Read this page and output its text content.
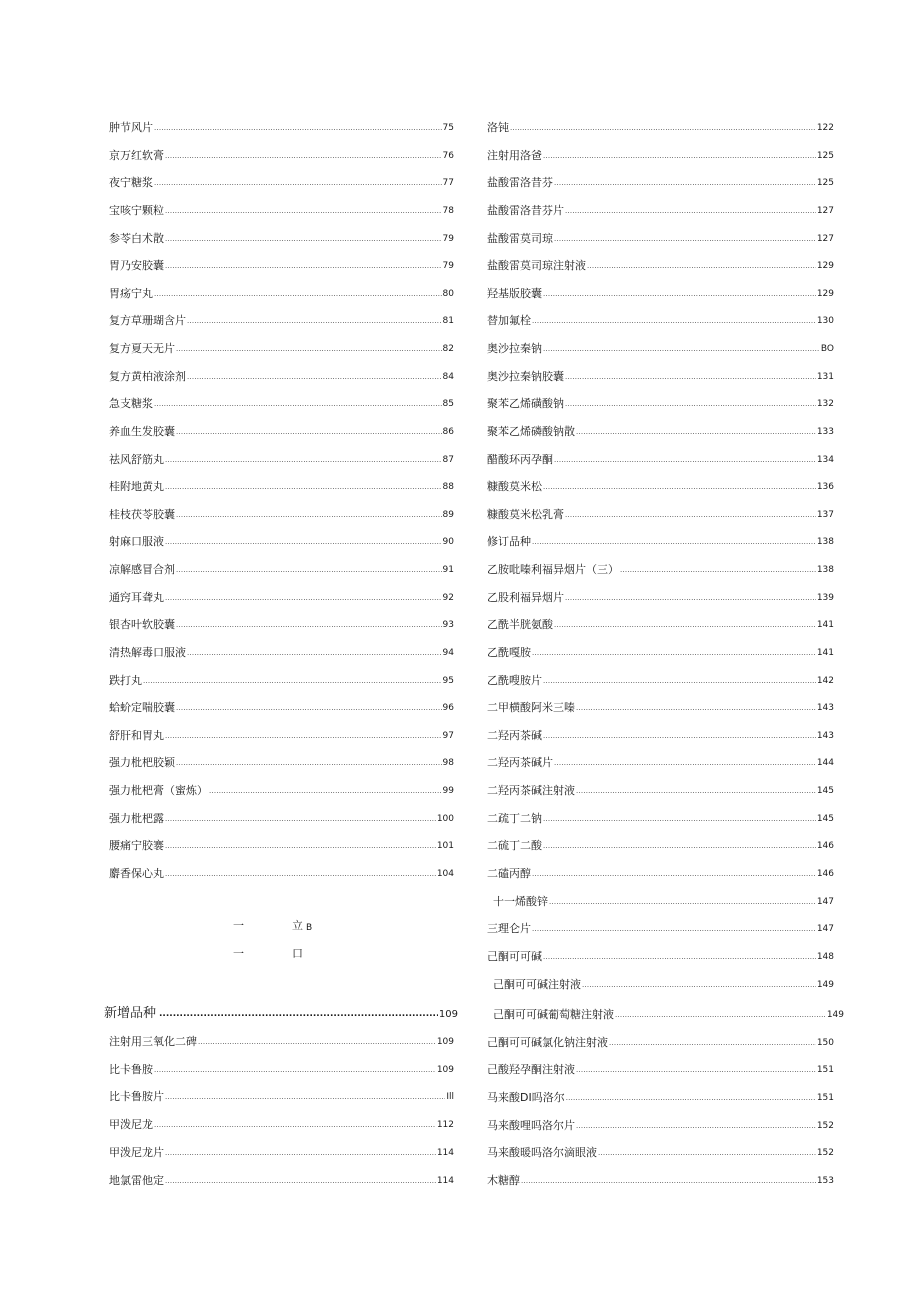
肿节风片 .....	75
京万红软膏 .....	76
夜宁糖浆 .....	77
宝咳宁颗粒 .....	78
参苓白术散 .....	79
胃乃安胶囊 .....	79
胃疡宁丸 .....	80
复方草珊瑚含片 .....	81
复方夏天无片 .....	82
复方黄柏液涂剂 .....	84
急支糖浆 .....	85
养血生发胶囊 .....	86
祛风舒筋丸 .....	87
桂附地黄丸 .....	88
桂枝茯苓胶囊 .....	89
射麻口服液 .....	90
凉解感冒合剂 .....	91
通窍耳聋丸 .....	92
银杏叶软胶囊 .....	93
清热解毒口服液 .....	94
跌打丸 .....	95
蛤蚧定喘胶囊 .....	96
舒肝和胃丸 .....	97
强力枇杷胶颖 .....	98
强力枇杷膏（蜜炼） .....	99
强力枇杷露 .....	100
腰痛宁胶褰 .....	101
麝香保心丸 .....	104
注射用三氧化二碑 .....	109
比卡鲁胺 .....	109
比卡鲁胺片 .....	Ill
甲泼尼龙 .....	112
甲泼尼龙片 .....	114
地氯雷他定 .....	114
洛钝 .....	122
注射用洛爸 .....	125
盐酸雷洛昔芬 .....	125
盐酸雷洛昔芬片 .....	127
盐酸雷莫司琼 .....	127
盐酸雷莫司琼注射液 .....	129
羟基版胶囊 .....	129
替加氟栓 .....	130
奥沙拉秦钠 .....	BO
奥沙拉秦钠胶囊 .....	131
聚苯乙烯磺酸钠 .....	132
聚苯乙烯磷酸钠散 .....	133
醋酸环丙孕酮 .....	134
糠酸莫米松 .....	136
糠酸莫米松乳膏 .....	137
修订品种 .....	138
乙胺吡嗪利福异烟片（三） .....	138
乙股利福异烟片 .....	139
乙酰半胱氨酸 .....	141
乙酰嘎胺 .....	141
乙酰嗖胺片 .....	142
二甲横酸阿米三嗪 .....	143
二羟丙茶碱 .....	143
二羟丙茶碱片 .....	144
二羟丙茶碱注射液 .....	145
二疏丁二钠 .....	145
二硫丁二酸 .....	146
二磕丙醇 .....	146
十一烯酸锌 .....	147
三理仑片 .....	147
己酮可可碱 .....	148
己酮可可碱注射液 .....	149
己酮可可碱葡萄糖注射液 .....	149
己酮可可碱氯化钠注射液 .....	150
己酸羟孕酮注射液 .....	151
马来酸DI吗洛尔 .....	151
马来酸哩吗洛尔片 .....	152
马来酸暖吗洛尔滴眼液 .....	152
木糖醇 .....	153
一	立 B
一	口
新增品种 .....	109
